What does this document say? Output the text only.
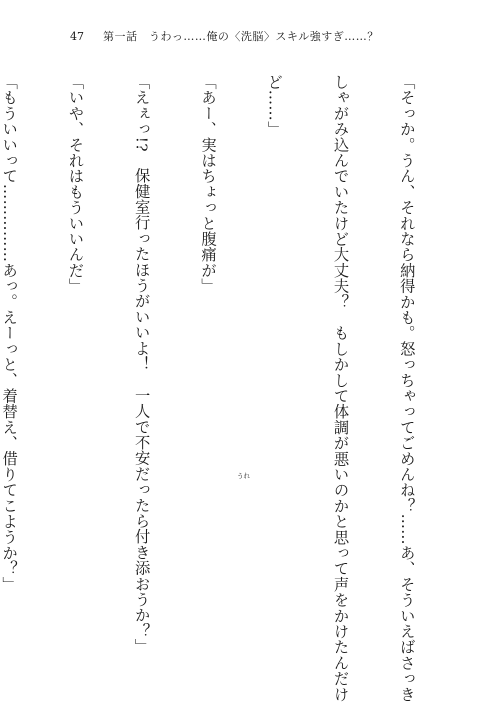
47 第一話　うわっ……俺の〈洗脳〉スキル強すぎ……？

「そっか。うん、それなら納得かも。怒っちゃってごめんね？……あ、そういえばさっき

しゃがみ込んでいたけど大丈夫？　もしかして体調が悪いのかと思って声をかけたんだけ

ど……」

「あー、実はちょっと腹痛が」

「えぇっ!?　保健室行ったほうがいいよ！　一人で不安だったら付き添おうか？」

「いや、それはもういいんだ」

「もういいって……………あっ。えーっと、着替え、借りてこようか？」

	うれ
